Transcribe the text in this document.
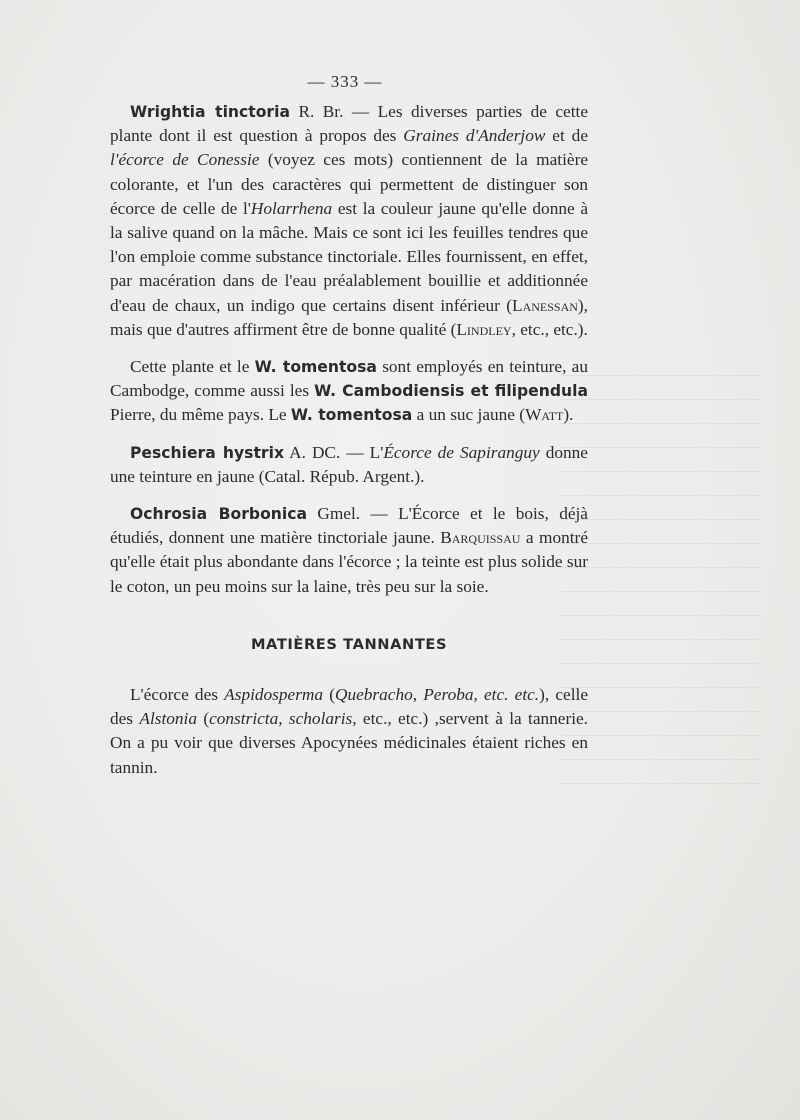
— 333 —

Wrightia tinctoria R. Br. — Les diverses parties de cette plante dont il est question à propos des Graines d'Anderjow et de l'écorce de Conessie (voyez ces mots) contiennent de la matière colorante, et l'un des caractères qui permettent de distinguer son écorce de celle de l'Holarrhena est la couleur jaune qu'elle donne à la salive quand on la mâche. Mais ce sont ici les feuilles tendres que l'on emploie comme substance tinctoriale. Elles fournissent, en effet, par macération dans de l'eau préalablement bouillie et additionnée d'eau de chaux, un indigo que certains disent inférieur (Lanessan), mais que d'autres affirment être de bonne qualité (Lindley, etc., etc.).

Cette plante et le W. tomentosa sont employés en teinture, au Cambodge, comme aussi les W. Cambodiensis et filipendula Pierre, du même pays. Le W. tomentosa a un suc jaune (Watt).

Peschiera hystrix A. DC. — L'Écorce de Sapiranguy donne une teinture en jaune (Catal. Répub. Argent.).

Ochrosia Borbonica Gmel. — L'Écorce et le bois, déjà étudiés, donnent une matière tinctoriale jaune. Barquissau a montré qu'elle était plus abondante dans l'écorce ; la teinte est plus solide sur le coton, un peu moins sur la laine, très peu sur la soie.

MATIÈRES TANNANTES

L'écorce des Aspidosperma (Quebracho, Peroba, etc. etc.), celle des Alstonia (constricta, scholaris, etc., etc.) ,servent à la tannerie. On a pu voir que diverses Apocynées médicinales étaient riches en tannin.
